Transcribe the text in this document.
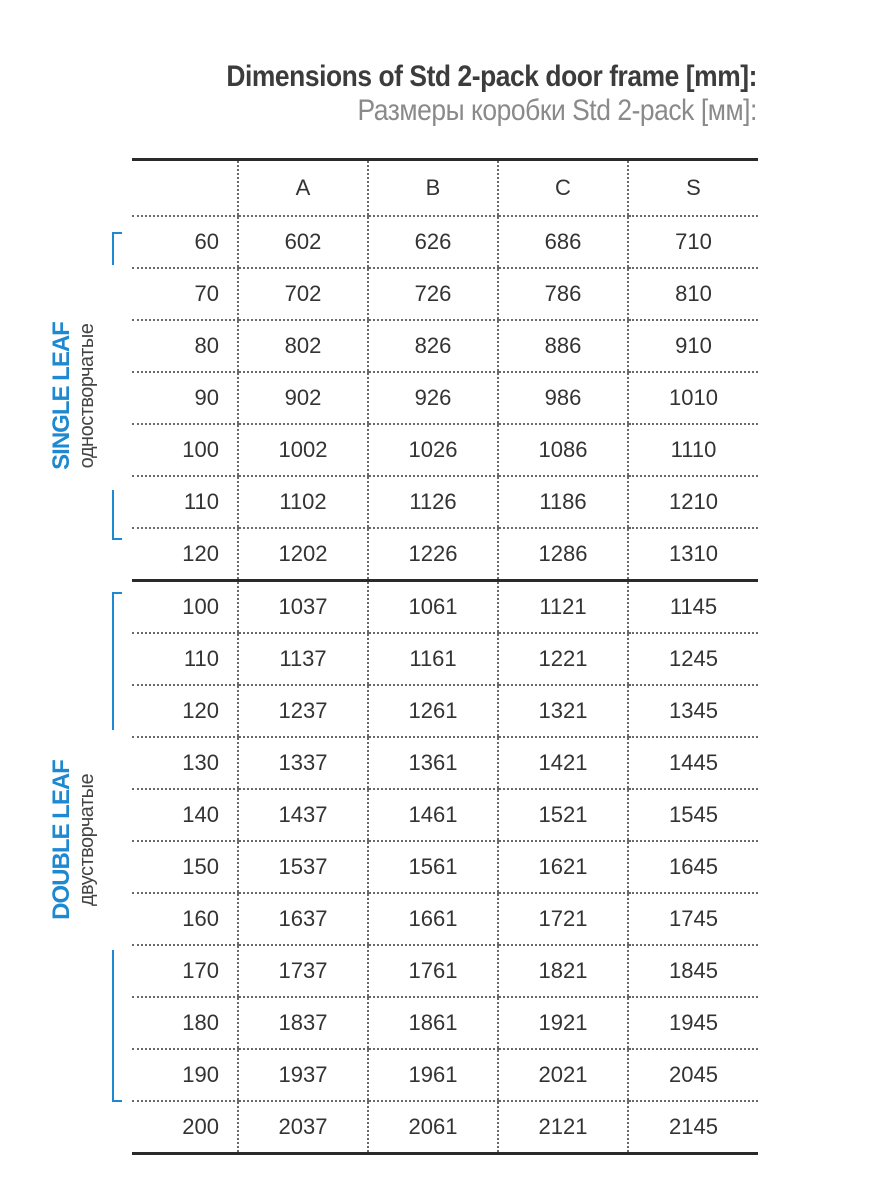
Dimensions of Std 2-pack door frame [mm]:
Размеры коробки Std 2-pack [мм]:
SINGLE LEAF одностворчатые
DOUBLE LEAF двустворчатые
	A	B	C	S
60	602	626	686	710
70	702	726	786	810
80	802	826	886	910
90	902	926	986	1010
100	1002	1026	1086	1110
110	1102	1126	1186	1210
120	1202	1226	1286	1310
100	1037	1061	1121	1145
110	1137	1161	1221	1245
120	1237	1261	1321	1345
130	1337	1361	1421	1445
140	1437	1461	1521	1545
150	1537	1561	1621	1645
160	1637	1661	1721	1745
170	1737	1761	1821	1845
180	1837	1861	1921	1945
190	1937	1961	2021	2045
200	2037	2061	2121	2145
